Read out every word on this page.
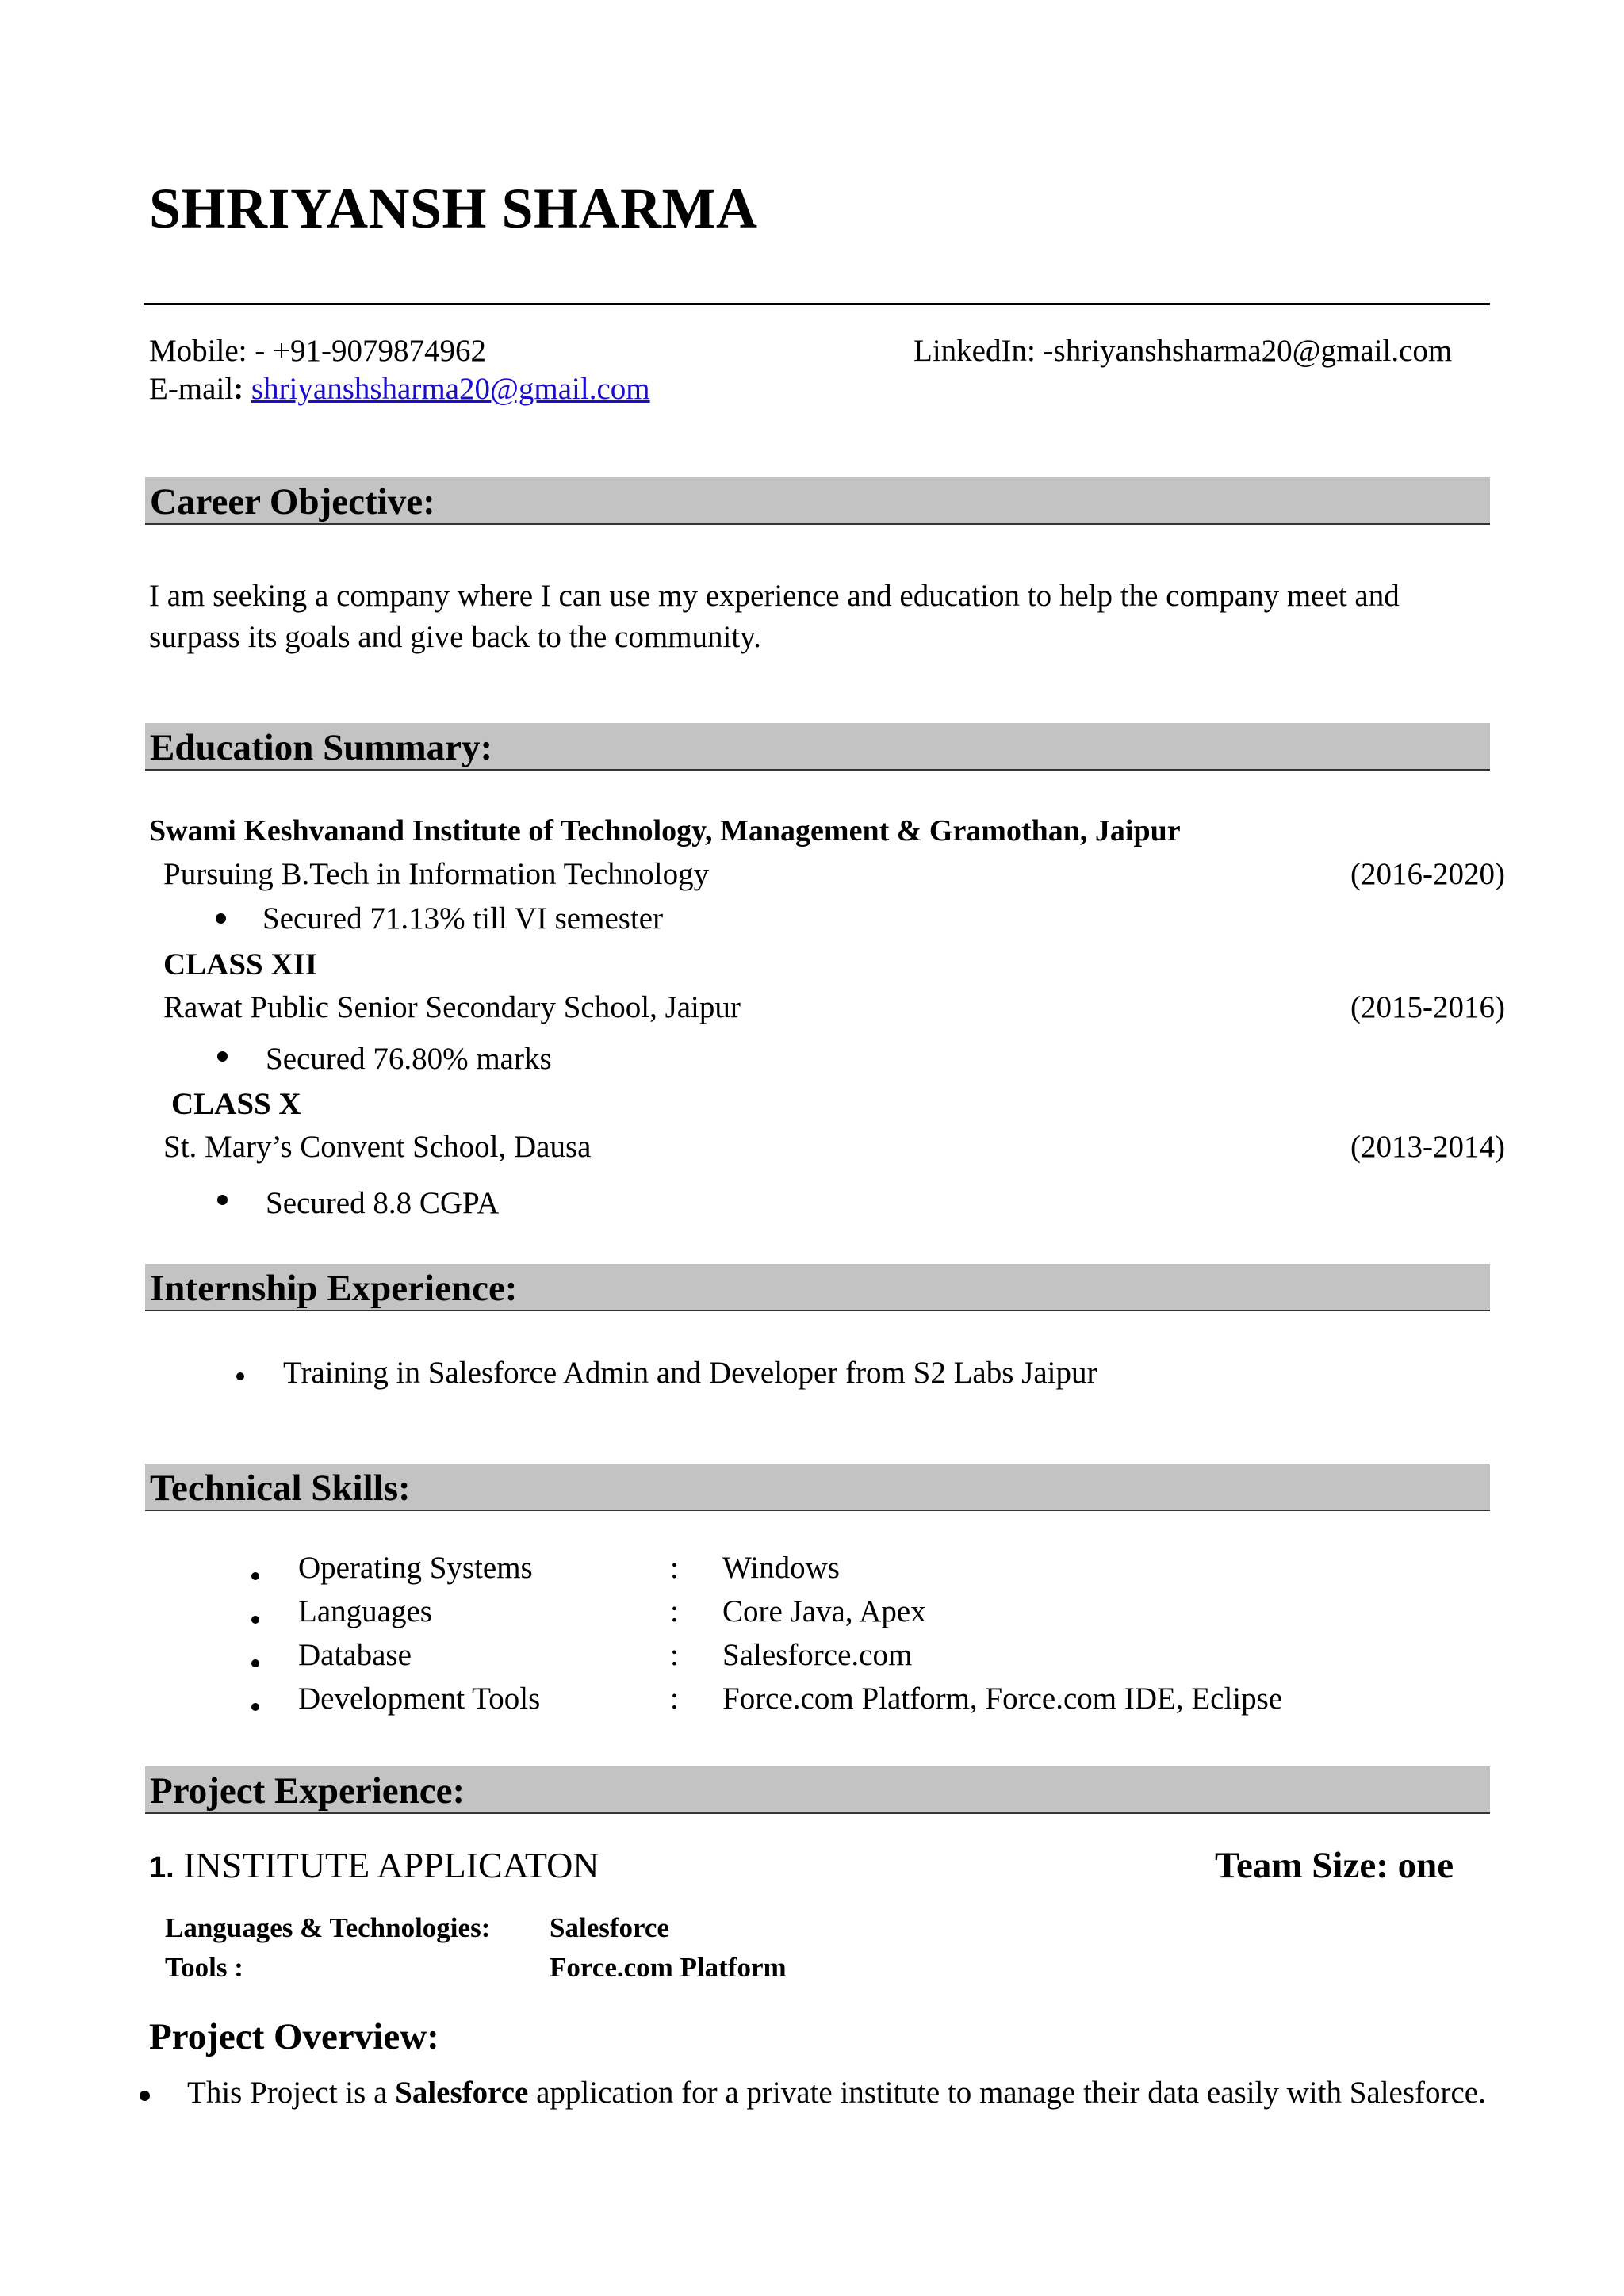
SHRIYANSH SHARMA
Mobile: - +91-9079874962	LinkedIn: -shriyanshsharma20@gmail.com
E-mail: shriyanshsharma20@gmail.com
Career Objective:
I am seeking a company where I can use my experience and education to help the company meet and surpass its goals and give back to the community.
Education Summary:
Swami Keshvanand Institute of Technology, Management & Gramothan, Jaipur
Pursuing B.Tech in Information Technology	(2016-2020)
Secured 71.13% till VI semester
CLASS XII
Rawat Public Senior Secondary School, Jaipur	(2015-2016)
Secured 76.80% marks
CLASS X
St. Mary’s Convent School, Dausa	(2013-2014)
Secured 8.8 CGPA
Internship Experience:
Training in Salesforce Admin and Developer from S2 Labs Jaipur
Technical Skills:
Operating Systems	: Windows
Languages	: Core Java, Apex
Database	: Salesforce.com
Development Tools	: Force.com Platform, Force.com IDE, Eclipse
Project Experience:
1. INSTITUTE APPLICATON	Team Size: one
Languages & Technologies: Salesforce
Tools :	Force.com Platform
Project Overview:
This Project is a Salesforce application for a private institute to manage their data easily with Salesforce.
